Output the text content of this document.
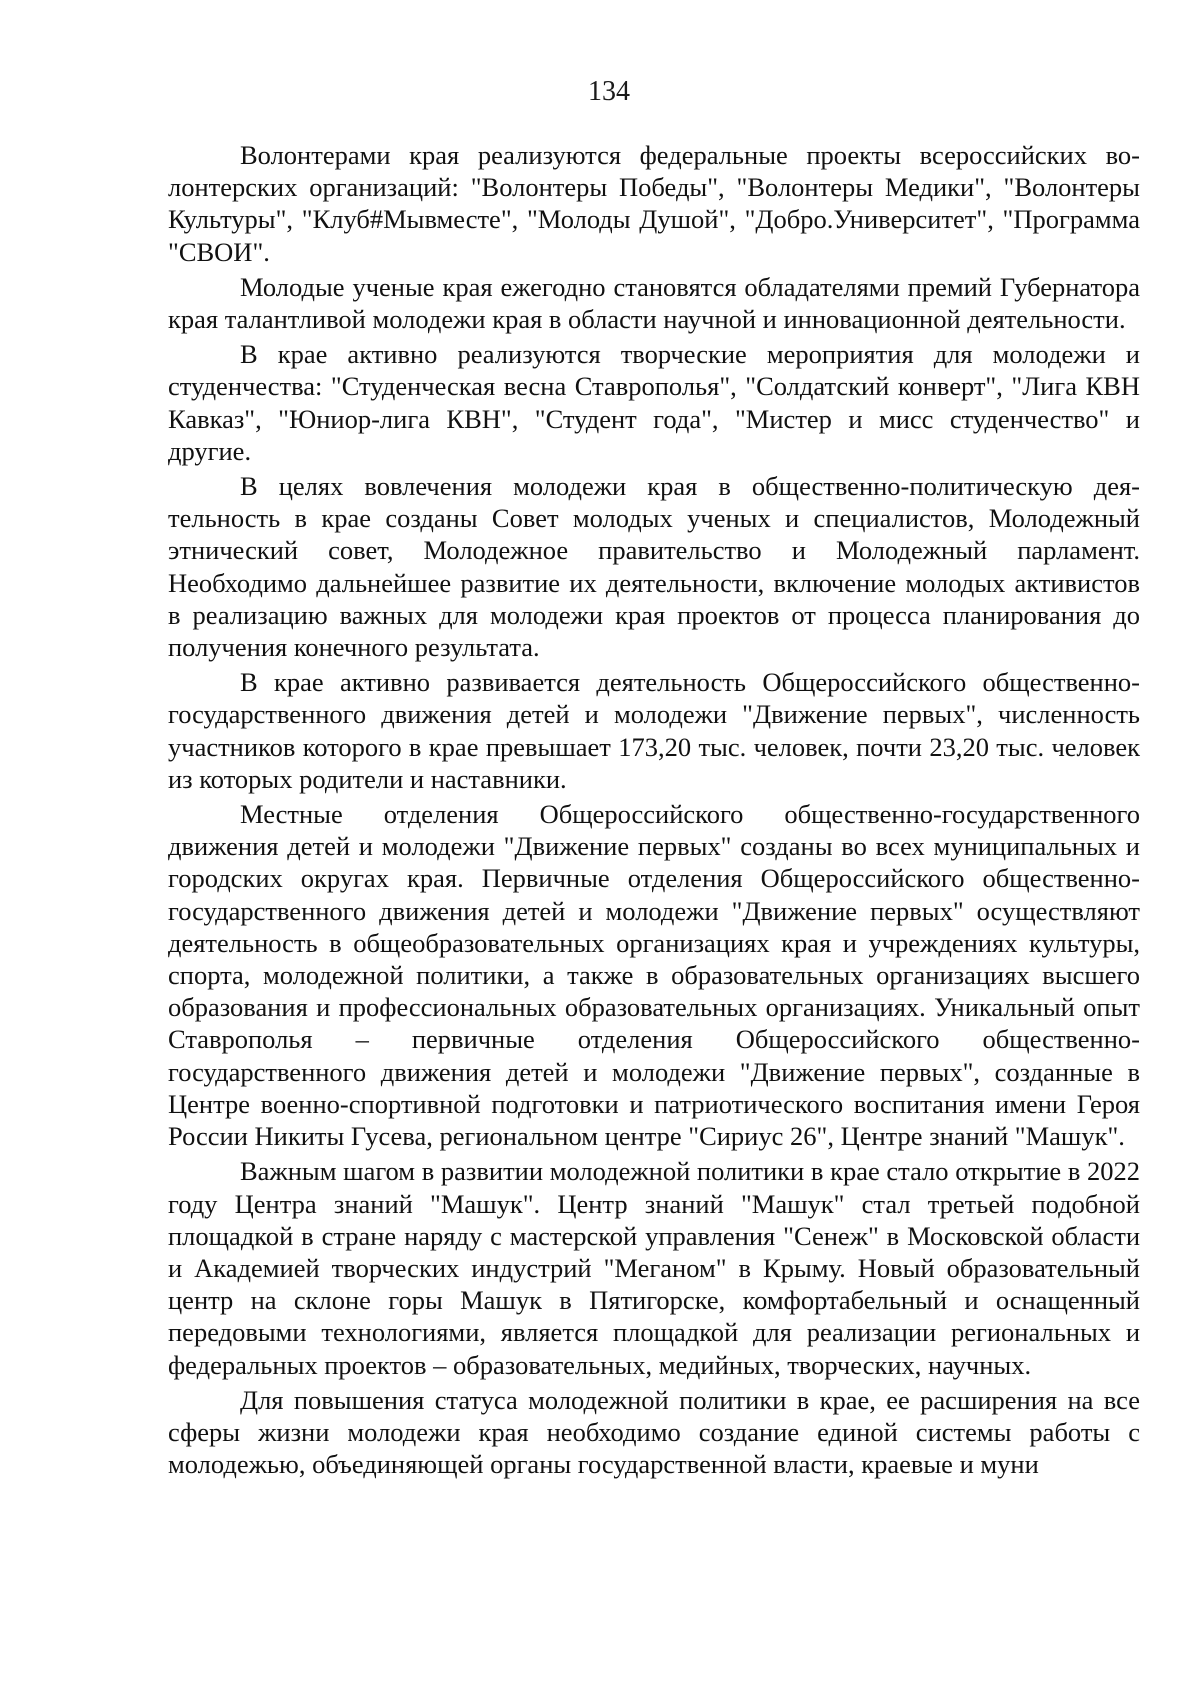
134

Волонтерами края реализуются федеральные проекты всероссийских волонтерских организаций: "Волонтеры Победы", "Волонтеры Медики", "Волонтеры Культуры", "Клуб#Мывместе", "Молоды Душой", "Добро.Университет", "Программа "СВОИ".

Молодые ученые края ежегодно становятся обладателями премий Губернатора края талантливой молодежи края в области научной и инновационной деятельности.

В крае активно реализуются творческие мероприятия для молодежи и студенчества: "Студенческая весна Ставрополья", "Солдатский конверт", "Лига КВН Кавказ", "Юниор-лига КВН", "Студент года", "Мистер и мисс студенчество" и другие.

В целях вовлечения молодежи края в общественно-политическую деятельность в крае созданы Совет молодых ученых и специалистов, Молодежный этнический совет, Молодежное правительство и Молодежный парламент. Необходимо дальнейшее развитие их деятельности, включение молодых активистов в реализацию важных для молодежи края проектов от процесса планирования до получения конечного результата.

В крае активно развивается деятельность Общероссийского общественно-государственного движения детей и молодежи "Движение первых", численность участников которого в крае превышает 173,20 тыс. человек, почти 23,20 тыс. человек из которых родители и наставники.

Местные отделения Общероссийского общественно-государственного движения детей и молодежи "Движение первых" созданы во всех муниципальных и городских округах края. Первичные отделения Общероссийского общественно-государственного движения детей и молодежи "Движение первых" осуществляют деятельность в общеобразовательных организациях края и учреждениях культуры, спорта, молодежной политики, а также в образовательных организациях высшего образования и профессиональных образовательных организациях. Уникальный опыт Ставрополья – первичные отделения Общероссийского общественно-государственного движения детей и молодежи "Движение первых", созданные в Центре военно-спортивной подготовки и патриотического воспитания имени Героя России Никиты Гусева, региональном центре "Сириус 26", Центре знаний "Машук".

Важным шагом в развитии молодежной политики в крае стало открытие в 2022 году Центра знаний "Машук". Центр знаний "Машук" стал третьей подобной площадкой в стране наряду с мастерской управления "Сенеж" в Московской области и Академией творческих индустрий "Меганом" в Крыму. Новый образовательный центр на склоне горы Машук в Пятигорске, комфортабельный и оснащенный передовыми технологиями, является площадкой для реализации региональных и федеральных проектов – образовательных, медийных, творческих, научных.

Для повышения статуса молодежной политики в крае, ее расширения на все сферы жизни молодежи края необходимо создание единой системы работы с молодежью, объединяющей органы государственной власти, краевые и муни
